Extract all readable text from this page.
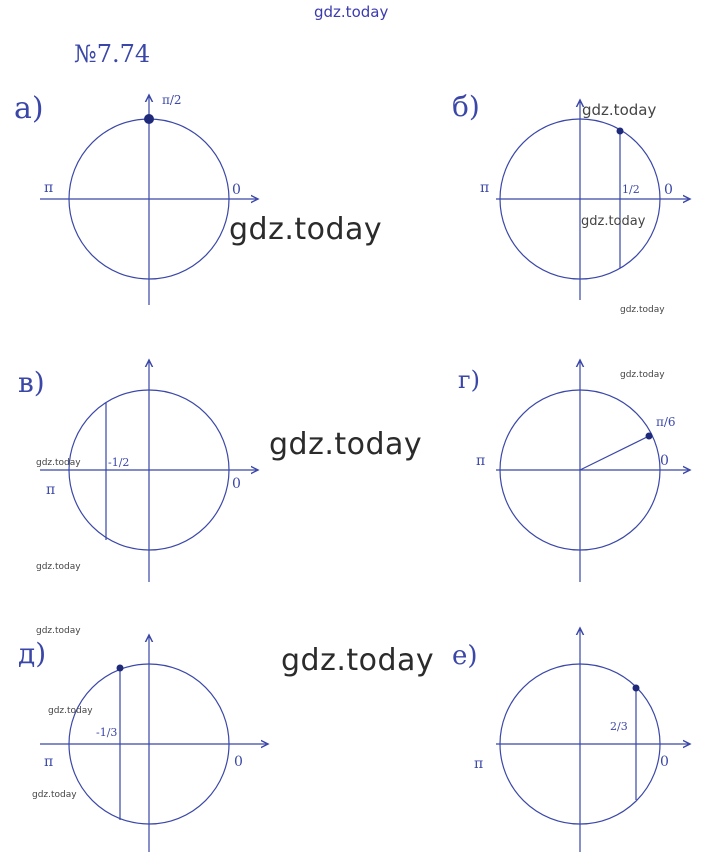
gdz.today
№7.74
а)	б)
в)	г)
д)	е)
π/2
π	0	π	0
1/2
π	0
-1/2
π/6
π	0
π	0
-1/3
π	0
2/3
gdz.today
gdz.today
gdz.today
gdz.today
gdz.today
gdz.today
gdz.today
gdz.today
gdz.today
gdz.today
gdz.today
gdz.today
